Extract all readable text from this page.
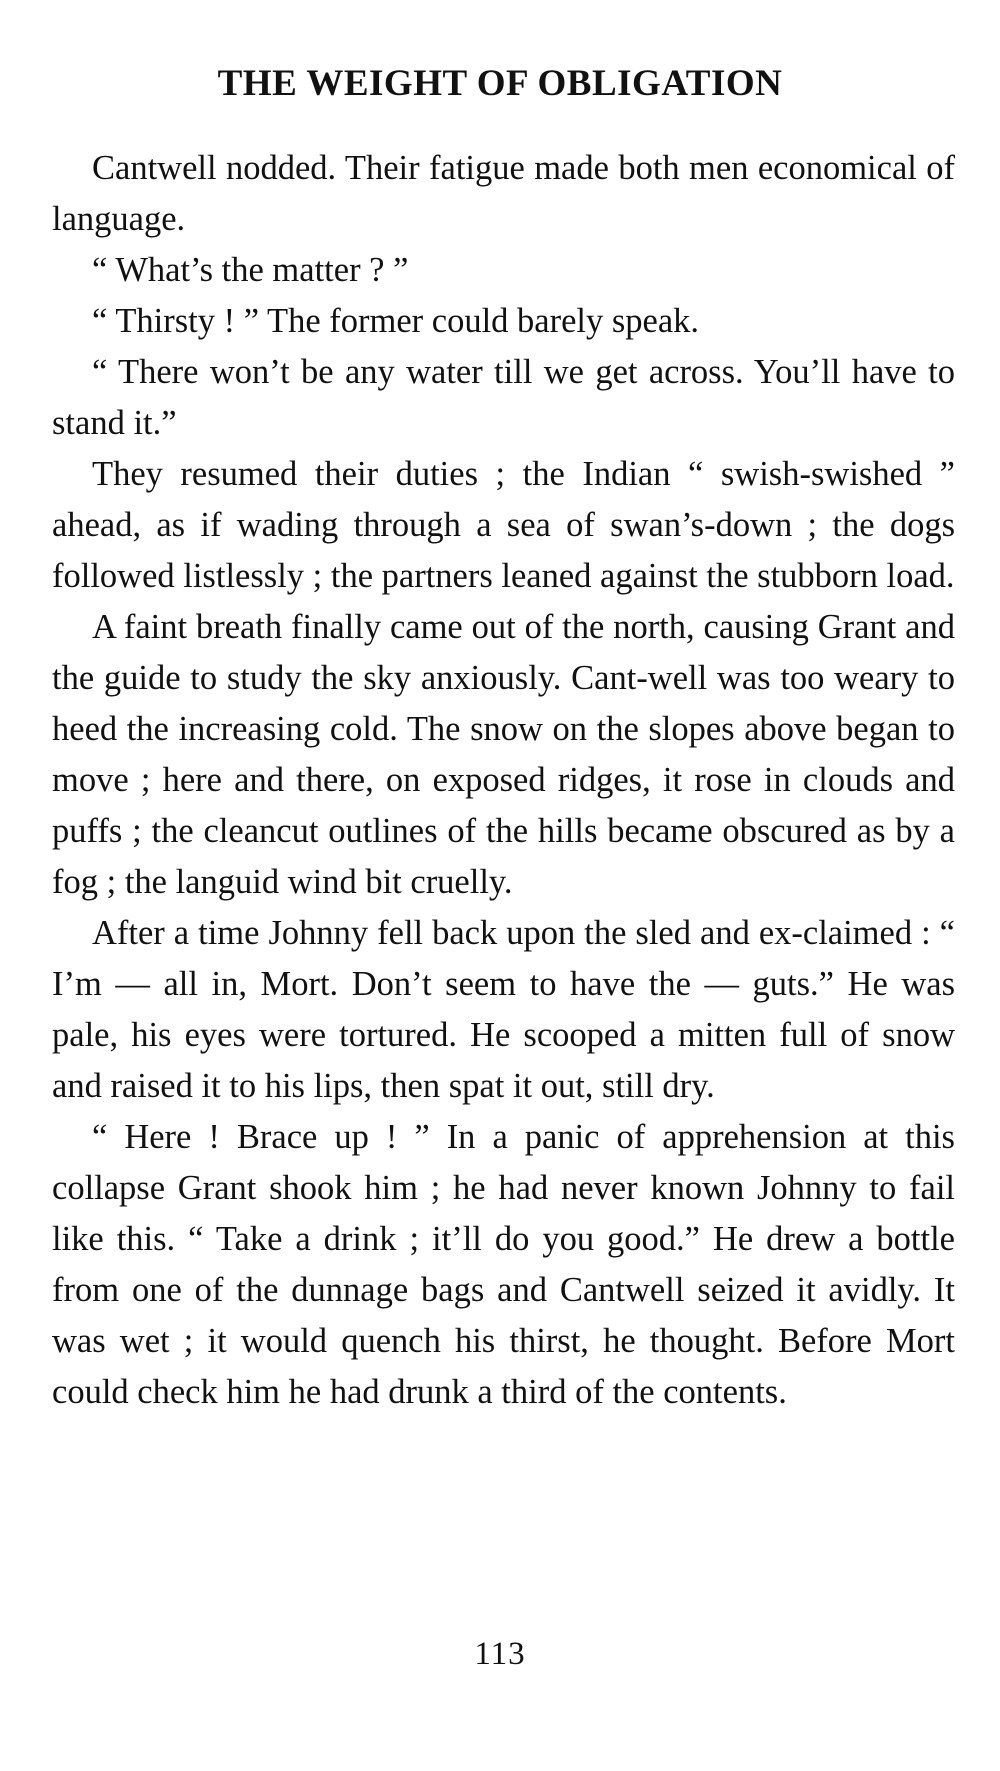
THE WEIGHT OF OBLIGATION

Cantwell nodded. Their fatigue made both men economical of language.

“ What’s the matter ? ”

“ Thirsty ! ” The former could barely speak.

“ There won’t be any water till we get across. You’ll have to stand it.”

They resumed their duties ; the Indian “ swish-swished ” ahead, as if wading through a sea of swan’s-down ; the dogs followed listlessly ; the partners leaned against the stubborn load.

A faint breath finally came out of the north, causing Grant and the guide to study the sky anxiously. Cant-well was too weary to heed the increasing cold. The snow on the slopes above began to move ; here and there, on exposed ridges, it rose in clouds and puffs ; the cleancut outlines of the hills became obscured as by a fog ; the languid wind bit cruelly.

After a time Johnny fell back upon the sled and ex-claimed : “ I’m — all in, Mort. Don’t seem to have the — guts.” He was pale, his eyes were tortured. He scooped a mitten full of snow and raised it to his lips, then spat it out, still dry.

“ Here ! Brace up ! ” In a panic of apprehension at this collapse Grant shook him ; he had never known Johnny to fail like this. “ Take a drink ; it’ll do you good.” He drew a bottle from one of the dunnage bags and Cantwell seized it avidly. It was wet ; it would quench his thirst, he thought. Before Mort could check him he had drunk a third of the contents.

113
